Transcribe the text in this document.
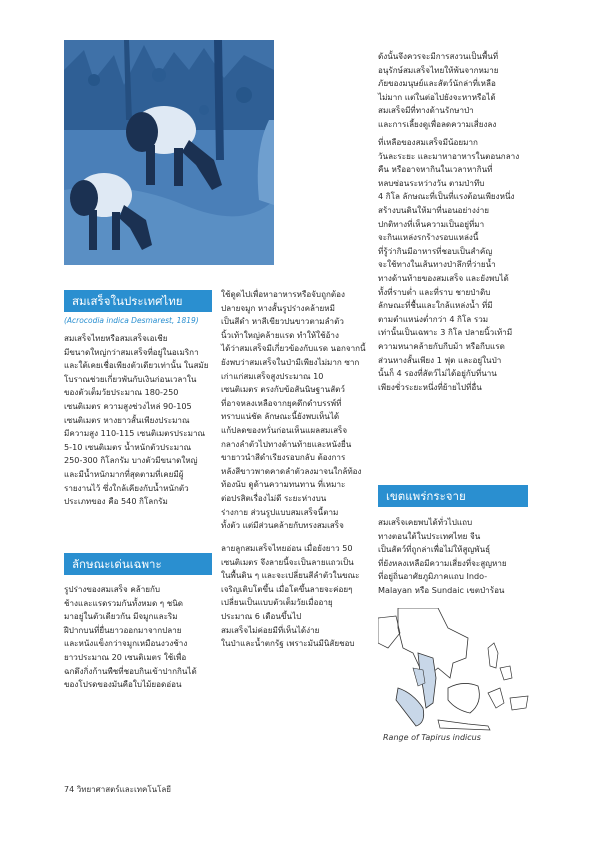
สมเสร็จในประเทศไทย
(Acrocodia indica Desmarest, 1819)
สมเสร็จไทยหรือสมเสร็จเอเชีย
มีขนาดใหญ่กว่าสมเสร็จที่อยู่ในอเมริกา
และใต้เคยเชื่อเพียงตัวเดียวเท่านั้น ในสมัย
โบราณช่วยเกี่ยวพันกับเงินก่อนเวลาใน
ของตัวเต็มวัยประมาณ 180-250
เซนติเมตร ความสูงช่วงไหล่ 90-105
เซนติเมตร หางยาวสั้นเพียงประมาณ
มีความสูง 110-115 เซนติเมตรประมาณ
5-10 เซนติเมตร น้ำหนักตัวประมาณ
250-300 กิโลกรัม บางตัวมีขนาดใหญ่
และมีน้ำหนักมากที่สุดตามที่เคยมีผู้
รายงานไว้ ซึ่งใกล้เคียงกับน้ำหนักตัว
ประเภทของ คือ 540 กิโลกรัม
ลักษณะเด่นเฉพาะ
รูปร่างของสมเสร็จ คล้ายกับ
ช้างและแรดรวมกันทั้งหมด ๆ ชนิด
มาอยู่ในตัวเดียวกัน มีจมูกและริม
ฝีปากบนที่ยื่นยาวออกมาจากปลาย
และหนังแข็งกว่าจมูกเหมือนงวงช้าง
ยาวประมาณ 20 เซนติเมตร ใช้เพื่อ
ฉกดึงกิ่งก้านพืชที่ชอบกินเข้าปากกินได้
ของโปรดของมันคือใบไม้ยอดอ่อน
ใช้ดูดไปเพื่อหาอาหารหรือจับถูกต้อง
ปลายจมูก หางสั้นรูปร่างคล้ายหมี
เป็นสีดำ หาสีเขียวปนขาวตามลำตัว
นิ้วเท้าใหญ่คล้ายแรด ทำให้ใช้อ้าง
ได้ว่าสมเสร็จมีเกี่ยวข้องกับแรด นอกจากนี้
ยังพบว่าสมเสร็จในป่ามีเพียงไม่มาก ซาก
เก่าแก่สมเสร็จสูงประมาณ 10
เซนติเมตร ตรงกับข้อสันนิษฐานสัตว์
ที่อาจหลงเหลือจากยุคดึกดำบรรพ์ที่
ทราบแน่ชัด ลักษณะนี้ยังพบเห็นได้
แก้ปลดของหวั่นก่อนเห็นแผลสมเสร็จ
กลางลำตัวไปทางด้านท้ายและหนังยื่น
ขายาวนำสีดำเรียงรอบกลับ ต้องการ
หลังสีขาวพาดคาดลำตัวลงมาจนใกล้ท้อง
ท้องนับ ดูด้านความทนทาน ที่เหมาะ
ต่อปรสิตเรื่องไม่ดี ระยะห่างบน
ร่างกาย ส่วนรูปแบบสมเสร็จนี้ตาม
ทั้งตัว แต่มีส่วนคล้ายกับทรงสมเสร็จ
ลายลูกสมเสร็จไทยอ่อน เมื่อยังยาว 50
เซนติเมตร จึงลายนี้จะเป็นลายแถวเป็น
ในพื้นดิน ๆ และจะเปลี่ยนสีลำตัวในขณะ
เจริญเติบโตขึ้น เมื่อโตขึ้นลายจะค่อยๆ
เปลี่ยนเป็นแบบตัวเต็มวัยเมื่ออายุ
ประมาณ 6 เดือนขึ้นไป
สมเสร็จไม่ค่อยมีที่เห็นได้ง่าย
ในป่าและน้ำตกรัฐ เพราะมันมีนิสัยชอบ
ดังนั้นจึงควรจะมีการสงวนเป็นพื้นที่
อนุรักษ์สมเสร็จไทยให้พ้นจากหมาย
ภัยของมนุษย์และสัตว์นักล่าที่เหลือ
ไม่มาก แต่ในต่อไปยังจะหาหรือได้
สมเสร็จมีที่ทางด้านรักษาป่า
และการเลี้ยงดูเพื่อลดความเสี่ยงลง
ที่เหลือของสมเสร็จมีน้อยมาก
วันละระยะ และมาหาอาหารในตอนกลาง
คืน หรืออาจหากินในเวลาหากินที่
หลบซ่อนระหว่างวัน ตามป่าทึบ
4 กิโล ลักษณะที่เป็นที่แรงต้อนเพียงหนึ่ง
สร้างบนดินให้มาที่นอนอย่างง่าย
ปกติทางที่เห็นความเป็นอยู่ที่มา
จะกินแหล่งรกร้างรอบแหล่งนี้
ที่รู้ว่ากินมีอาหารที่ชอบเป็นสำคัญ
จะใช้ทางในเส้นทางป่าลึกที่ว่ายน้ำ
ทางด้านท้ายของสมเสร็จ และยังพบได้
ทั้งที่ราบต่ำ และที่ราบ ชายป่าดิบ
ลักษณะที่ชื้นและใกล้แหล่งน้ำ ที่มี
ตามตำแหน่งต่ำกว่า 4 กิโล รวม
เท่านั้นเป็นเฉพาะ 3 กิโล ปลายนิ้วเท้ามี
ความหนาคล้ายกับกีบม้า หรือกีบแรด
ส่วนหางสั้นเพียง 1 ฟุต และอยู่ในป่า
นั้นก็ 4 รองที่สัตว์ไม่ได้อยู่กับที่นาน
เพียงชั่วระยะหนึ่งที่ย้ายไปที่อื่น
เขตแพร่กระจาย
สมเสร็จเคยพบได้ทั่วไปแถบ
ทางตอนใต้ในประเทศไทย จีน
เป็นสัตว์ที่ถูกล่าเพื่อไม่ให้สูญพันธุ์
ที่ยังหลงเหลือมีความเสี่ยงที่จะสูญหาย
ที่อยู่ถิ่นอาศัยภูมิภาคแถบ Indo-
Malayan หรือ Sundaic เขตป่าร้อน
Range of Tapirus indicus
74 วิทยาศาสตร์และเทคโนโลยี
